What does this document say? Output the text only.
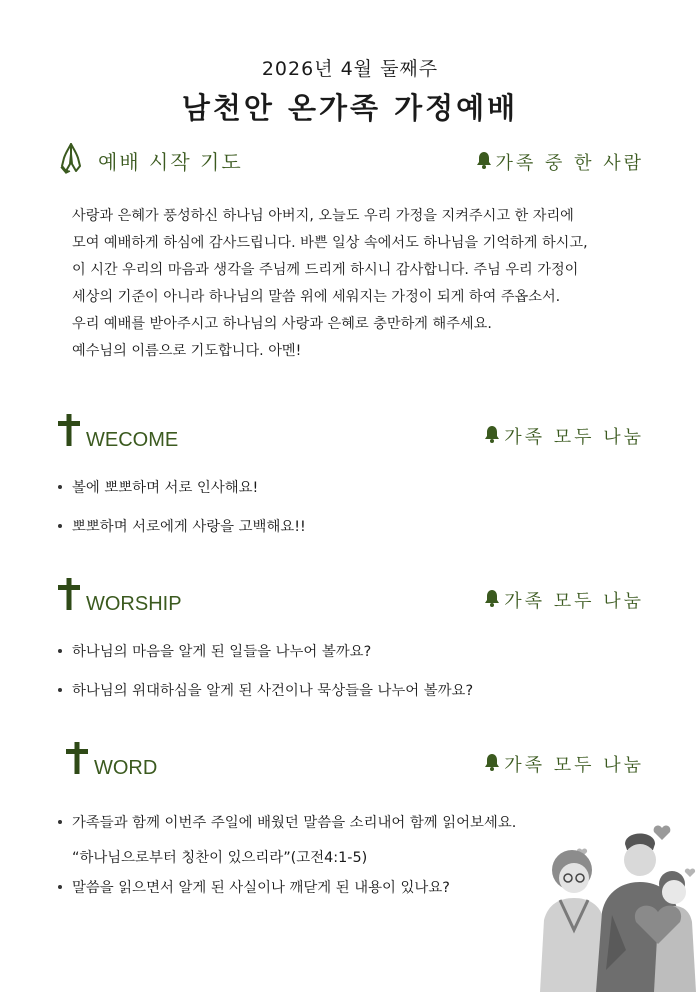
2026년 4월 둘째주
남천안 온가족 가정예배
예배 시작 기도	가족 중 한 사람

사랑과 은혜가 풍성하신 하나님 아버지, 오늘도 우리 가정을 지켜주시고 한 자리에

모여 예배하게 하심에 감사드립니다. 바쁜 일상 속에서도 하나님을 기억하게 하시고,

이 시간 우리의 마음과 생각을 주님께 드리게 하시니 감사합니다. 주님 우리 가정이

세상의 기준이 아니라 하나님의 말씀 위에 세워지는 가정이 되게 하여 주옵소서.

우리 예배를 받아주시고 하나님의 사랑과 은혜로 충만하게 해주세요.

예수님의 이름으로 기도합니다. 아멘!

WECOME	가족 모두 나눔
볼에 뽀뽀하며 서로 인사해요!
뽀뽀하며 서로에게 사랑을 고백해요!!
WORSHIP	가족 모두 나눔
하나님의 마음을 알게 된 일들을 나누어 볼까요?
하나님의 위대하심을 알게 된 사건이나 묵상들을 나누어 볼까요?
WORD	가족 모두 나눔
가족들과 함께 이번주 주일에 배웠던 말씀을 소리내어 함께 읽어보세요.
“하나님으로부터 칭찬이 있으리라”(고전4:1-5)
말씀을 읽으면서 알게 된 사실이나 깨닫게 된 내용이 있나요?
